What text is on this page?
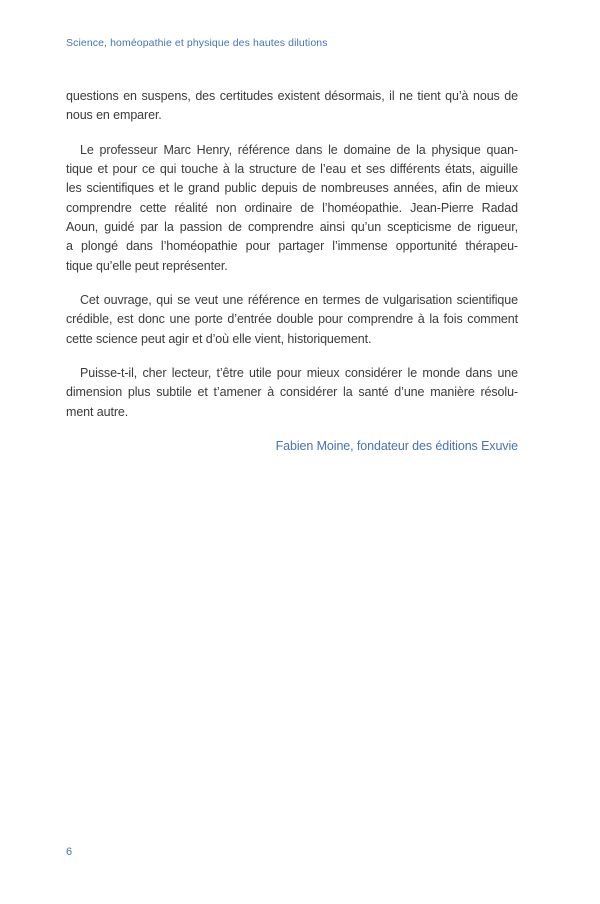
Science, homéopathie et physique des hautes dilutions

questions en suspens, des certitudes existent désormais, il ne tient qu’à nous de
nous en emparer.

Le professeur Marc Henry, référence dans le domaine de la physique quan-
tique et pour ce qui touche à la structure de l’eau et ses différents états, aiguille
les scientifiques et le grand public depuis de nombreuses années, afin de mieux
comprendre cette réalité non ordinaire de l’homéopathie. Jean-Pierre Radad
Aoun, guidé par la passion de comprendre ainsi qu’un scepticisme de rigueur,
a plongé dans l’homéopathie pour partager l’immense opportunité thérapeu-
tique qu’elle peut représenter.

Cet ouvrage, qui se veut une référence en termes de vulgarisation scientifique
crédible, est donc une porte d’entrée double pour comprendre à la fois comment
cette science peut agir et d’où elle vient, historiquement.

Puisse-t-il, cher lecteur, t’être utile pour mieux considérer le monde dans une
dimension plus subtile et t’amener à considérer la santé d’une manière résolu-
ment autre.

Fabien Moine, fondateur des éditions Exuvie
6
